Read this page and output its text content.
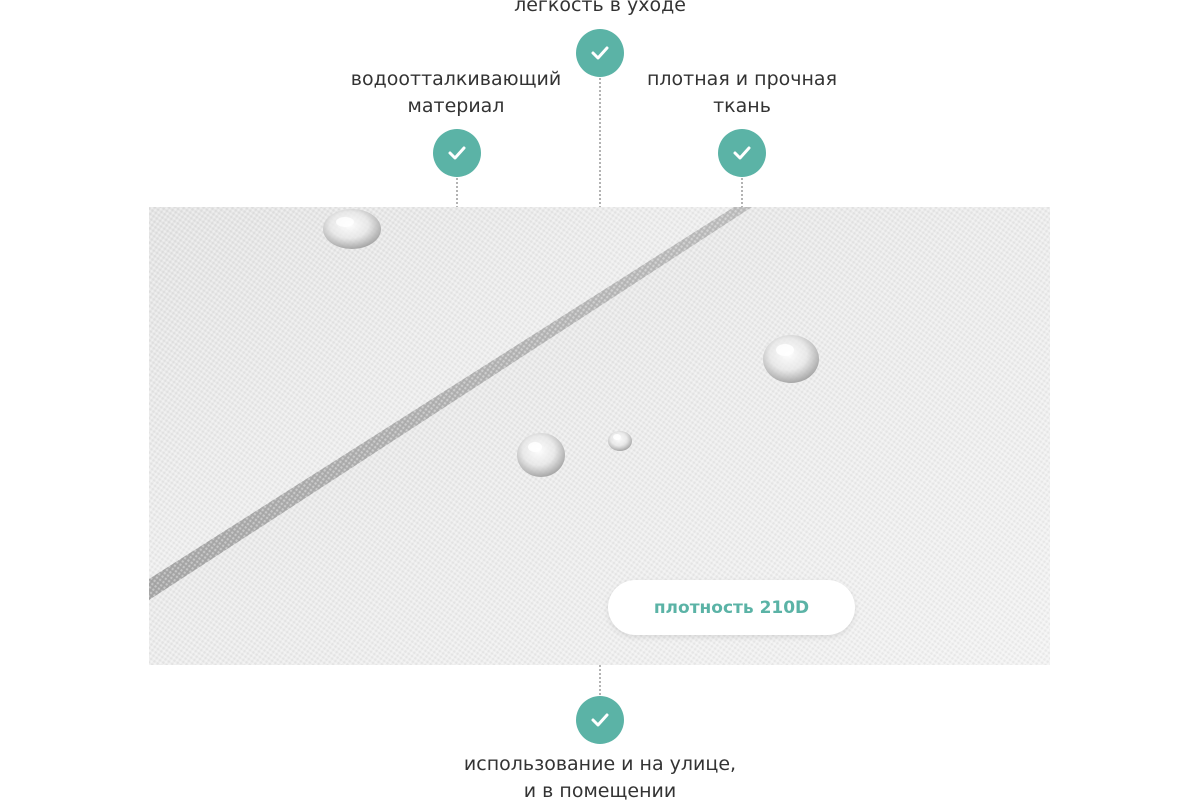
легкость в уходе
водоотталкивающий
материал
плотная и прочная
ткань
плотность 210D
использование и на улице,
и в помещении
